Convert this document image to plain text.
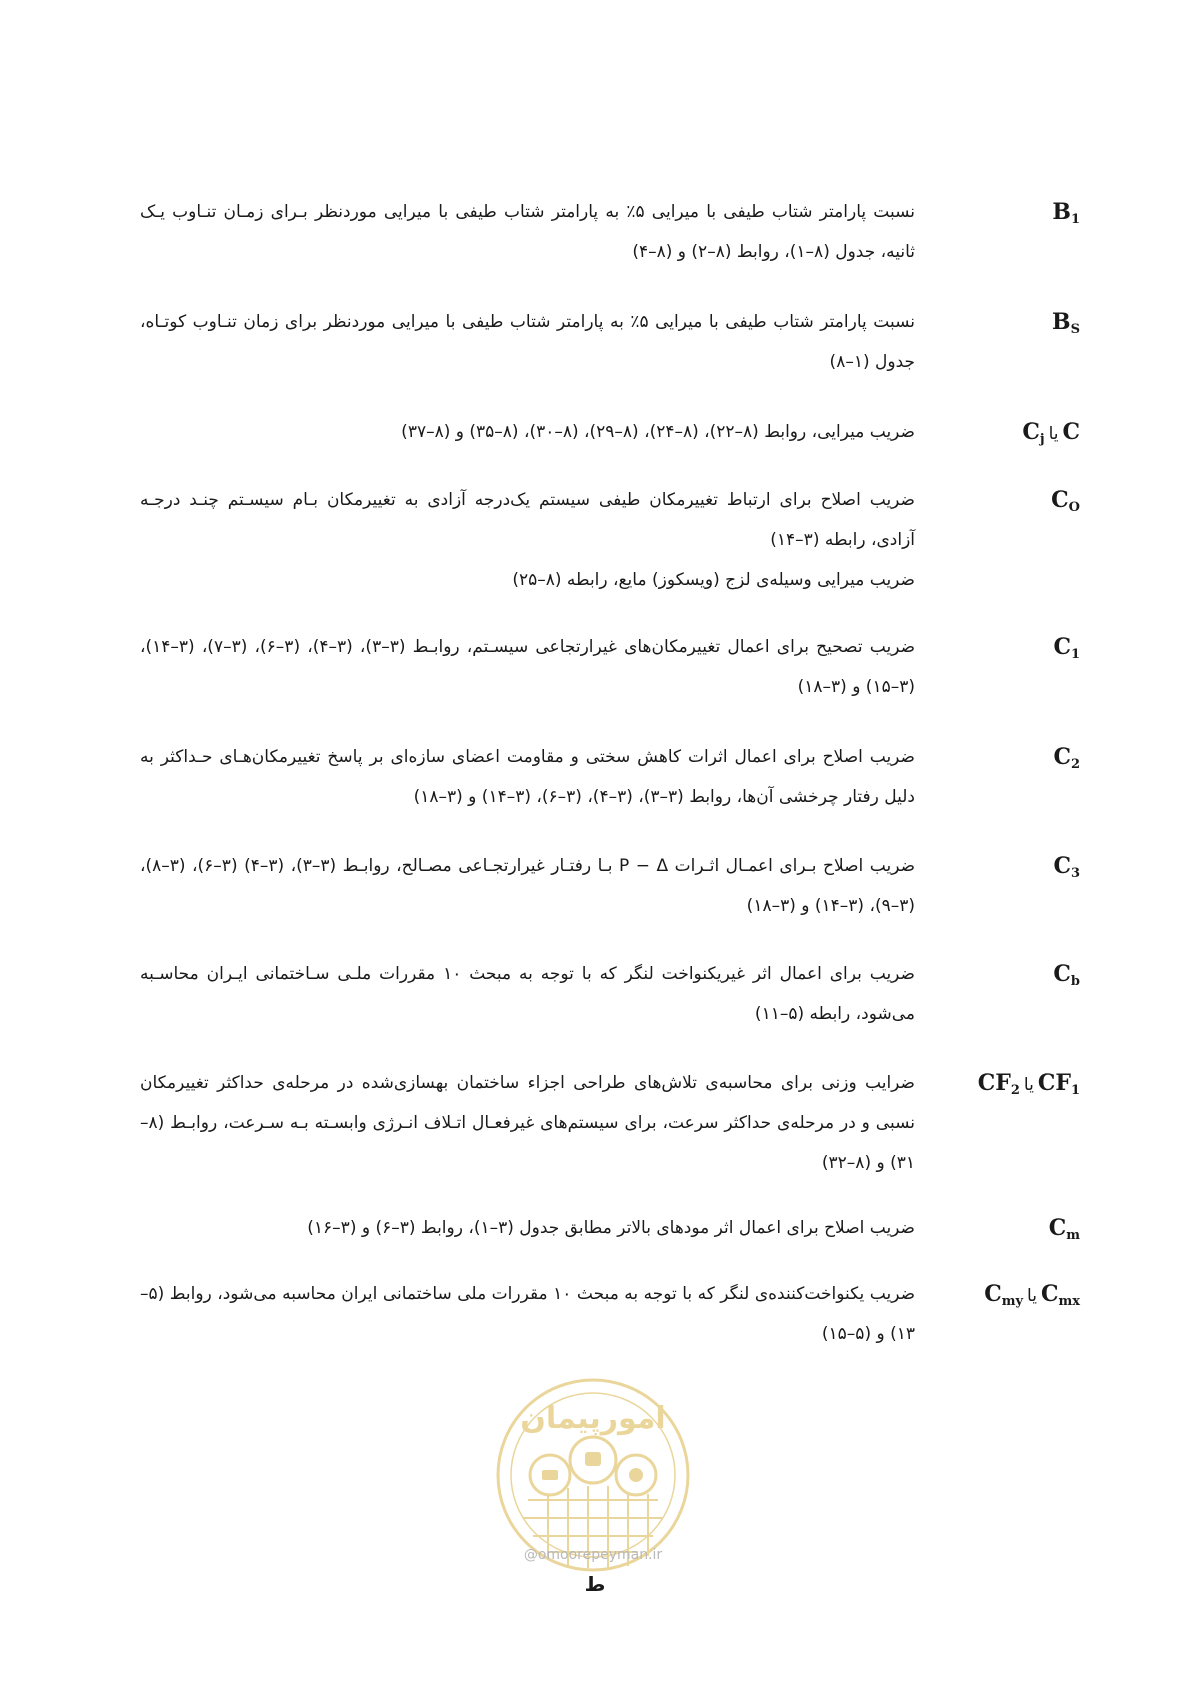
$B_1$

نسبت پارامتر شتاب طیفی با میرایی ۵٪ به پارامتر شتاب طیفی با میرایی موردنظر بـرای زمـان تنـاوب یـک ثانیه، جدول (۸–۱)، روابط (۸–۲) و (۸–۴)

$B_S$

نسبت پارامتر شتاب طیفی با میرایی ۵٪ به پارامتر شتاب طیفی با میرایی موردنظر برای زمان تنـاوب کوتـاه، جدول (۱–۸)

$C_j$ یا C

ضریب میرایی، روابط (۸–۲۲)، (۸–۲۴)، (۸–۲۹)، (۸–۳۰)، (۸–۳۵) و (۸–۳۷)

$C_O$

ضریب اصلاح برای ارتباط تغییرمکان طیفی سیستم یک‌درجه آزادی به تغییرمکان بـام سیسـتم چنـد درجـه آزادی، رابطه (۳–۱۴)

ضریب میرایی وسیله‌ی لزج (ویسکوز) مایع، رابطه (۸–۲۵)

$C_1$

ضریب تصحیح برای اعمال تغییرمکان‌های غیرارتجاعی سیسـتم، روابـط (۳–۳)، (۳–۴)، (۳–۶)، (۳–۷)، (۳–۱۴)، (۳–۱۵) و (۳–۱۸)

$C_2$

ضریب اصلاح برای اعمال اثرات کاهش سختی و مقاومت اعضای سازه‌ای بر پاسخ تغییرمکان‌هـای حـداکثر به دلیل رفتار چرخشی آن‌ها، روابط (۳–۳)، (۳–۴)، (۳–۶)، (۳–۱۴) و (۳–۱۸)

$C_3$

ضریب اصلاح بـرای اعمـال اثـرات P − Δ بـا رفتـار غیرارتجـاعی مصـالح، روابـط (۳–۳)، (۳–۴) (۳–۶)، (۳–۸)، (۳–۹)، (۳–۱۴) و (۳–۱۸)

$C_b$

ضریب برای اعمال اثر غیریکنواخت لنگر که با توجه به مبحث ۱۰ مقررات ملـی سـاختمانی ایـران محاسـبه می‌شود، رابطه (۵–۱۱)

$CF_2$ یا $CF_1$

ضرایب وزنی برای محاسبه‌ی تلاش‌های طراحی اجزاء ساختمان بهسازی‌شده در مرحله‌ی حداکثر تغییرمکان نسبی و در مرحله‌ی حداکثر سرعت، برای سیستم‌های غیرفعـال اتـلاف انـرژی وابسـته بـه سـرعت، روابـط (۸–۳۱) و (۸–۳۲)

$C_m$

ضریب اصلاح برای اعمال اثر مودهای بالاتر مطابق جدول (۳–۱)، روابط (۳–۶) و (۳–۱۶)

$C_{my}$ یا $C_{mx}$

ضریب یکنواخت‌کننده‌ی لنگر که با توجه به مبحث ۱۰ مقررات ملی ساختمانی ایران محاسبه می‌شود، روابط (۵–۱۳) و (۵–۱۵)

امورپیمان
@omoorepeyman.ir
ط
